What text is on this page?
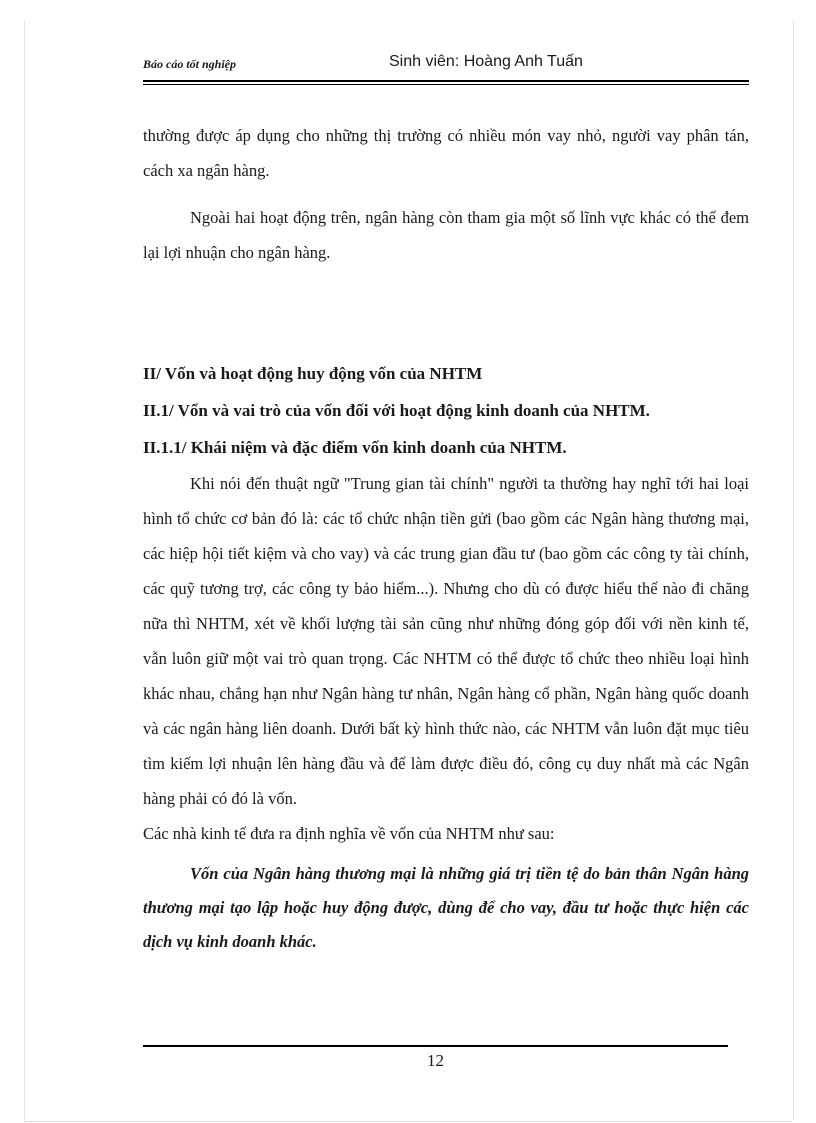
Báo cáo tốt nghiệp	Sinh viên: Hoàng Anh Tuấn

thường được áp dụng cho những thị trường có nhiều món vay nhỏ, người vay phân tán, cách xa ngân hàng.

Ngoài hai hoạt động trên, ngân hàng còn tham gia một số lĩnh vực khác có thể đem lại lợi nhuận cho ngân hàng.

II/ Vốn và hoạt động huy động vốn của NHTM

II.1/ Vốn và vai trò của vốn đối với hoạt động kinh doanh của NHTM.

II.1.1/ Khái niệm và đặc điểm vốn kinh doanh của NHTM.

Khi nói đến thuật ngữ "Trung gian tài chính" người ta thường hay nghĩ tới hai loại hình tổ chức cơ bản đó là: các tổ chức nhận tiền gửi (bao gồm các Ngân hàng thương mại, các hiệp hội tiết kiệm và cho vay) và các trung gian đầu tư (bao gồm các công ty tài chính, các quỹ tương trợ, các công ty bảo hiểm...). Nhưng cho dù có được hiểu thế nào đi chăng nữa thì NHTM, xét về khối lượng tài sản cũng như những đóng góp đối với nền kinh tế, vẫn luôn giữ một vai trò quan trọng. Các NHTM có thể được tổ chức theo nhiều loại hình khác nhau, chẳng hạn như Ngân hàng tư nhân, Ngân hàng cổ phần, Ngân hàng quốc doanh và các ngân hàng liên doanh. Dưới bất kỳ hình thức nào, các NHTM vẫn luôn đặt mục tiêu tìm kiếm lợi nhuận lên hàng đầu và để làm được điều đó, công cụ duy nhất mà các Ngân hàng phải có đó là vốn.

Các nhà kinh tế đưa ra định nghĩa về vốn của NHTM như sau:

Vốn của Ngân hàng thương mại là những giá trị tiền tệ do bản thân Ngân hàng thương mại tạo lập hoặc huy động được, dùng để cho vay, đầu tư hoặc thực hiện các dịch vụ kinh doanh khác.

12
